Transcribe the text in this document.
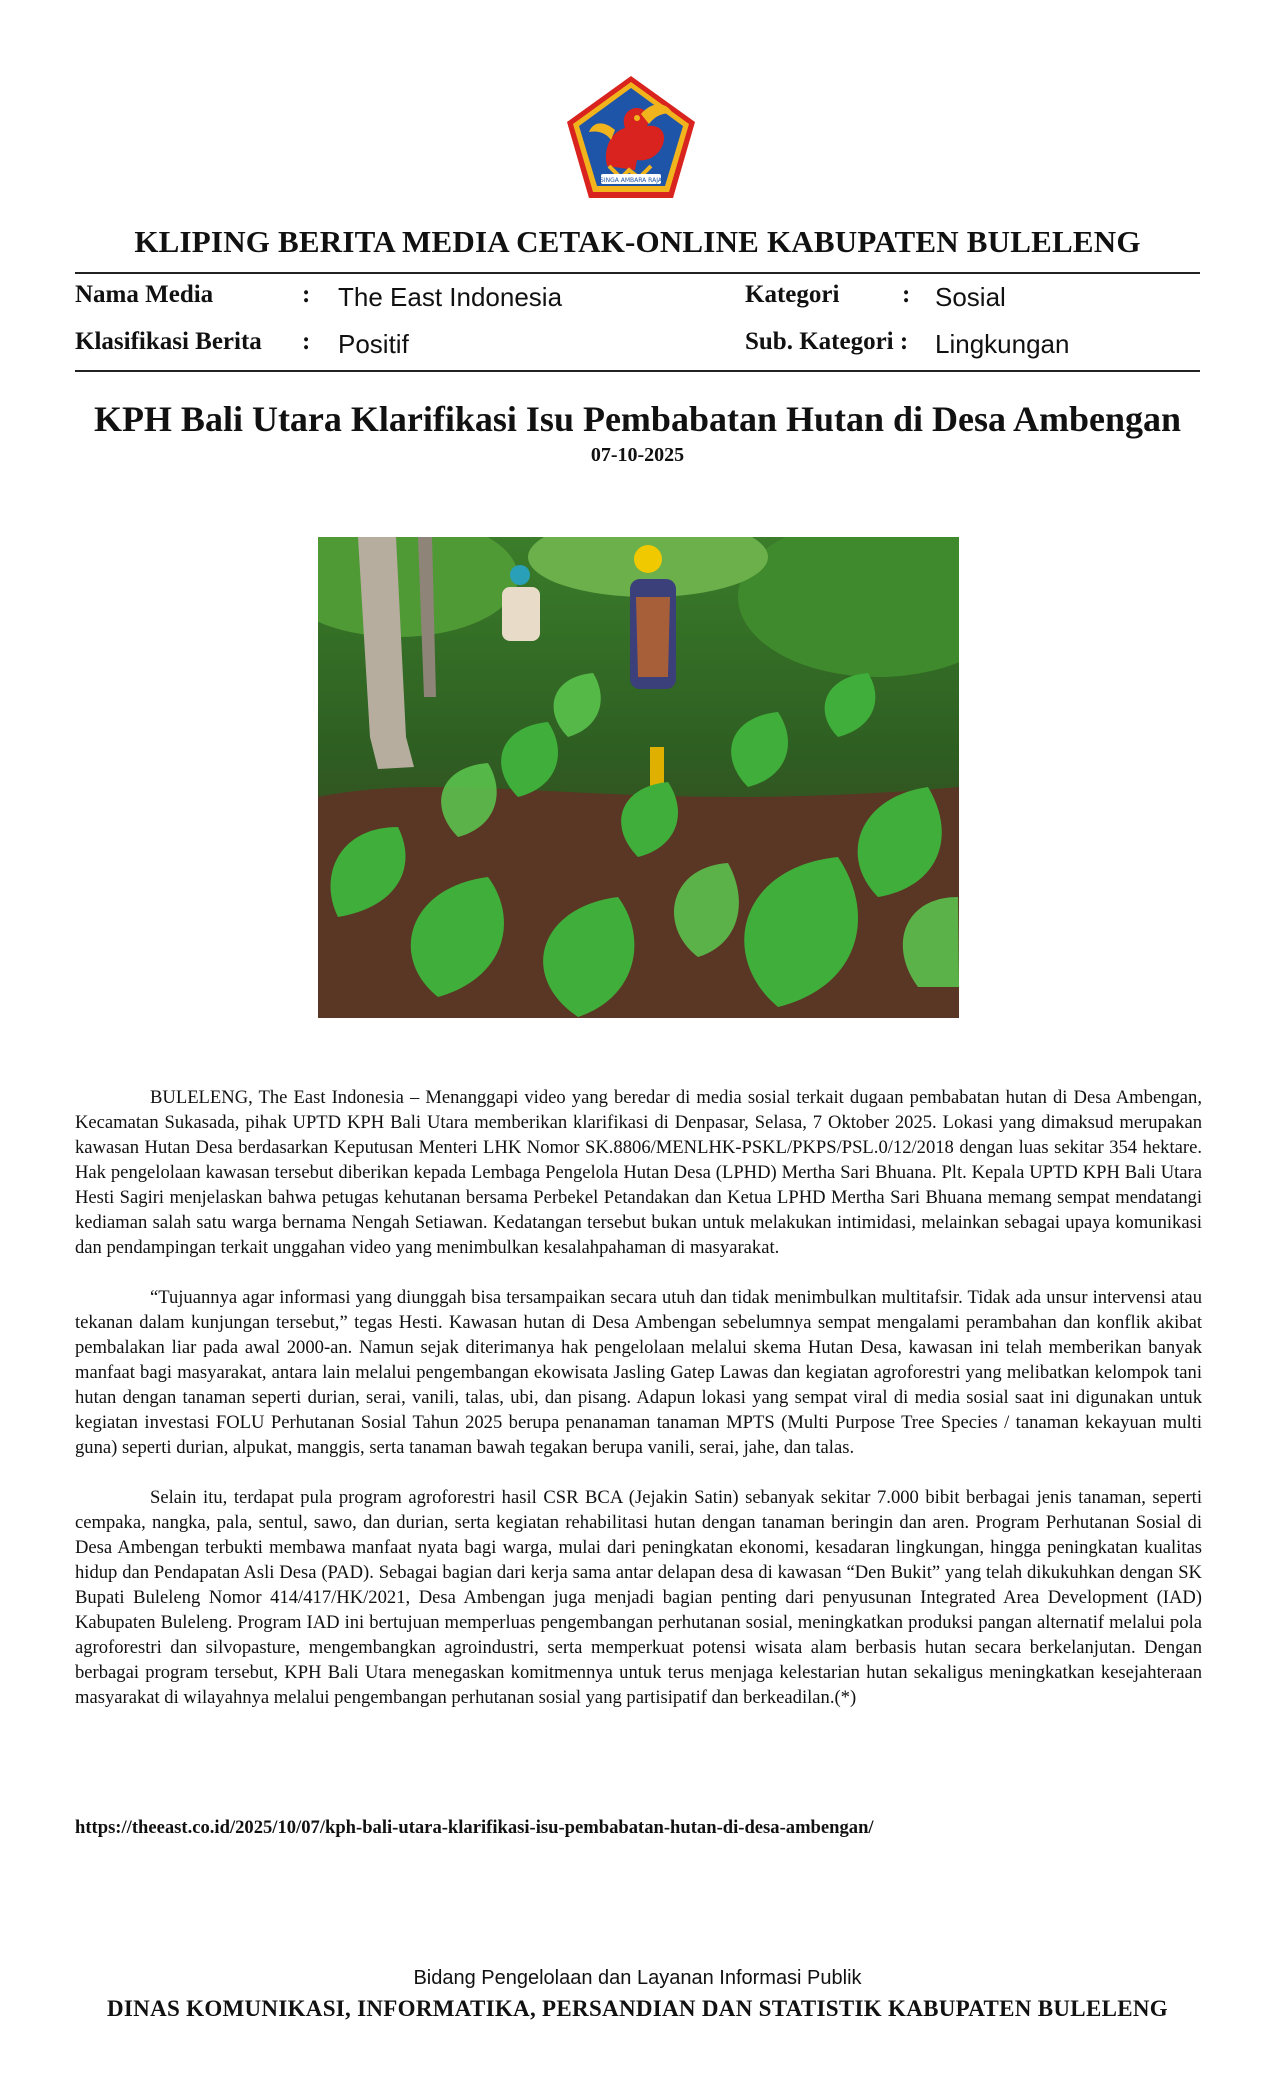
SINGA AMBARA RAJA
KLIPING BERITA MEDIA CETAK-ONLINE KABUPATEN BULELENG
Nama Media	: The East Indonesia	Kategori	: Sosial
Klasifikasi Berita : Positif	Sub. Kategori : Lingkungan
KPH Bali Utara Klarifikasi Isu Pembabatan Hutan di Desa Ambengan
07-10-2025

BULELENG, The East Indonesia – Menanggapi video yang beredar di media sosial terkait dugaan pembabatan hutan di Desa Ambengan, Kecamatan Sukasada, pihak UPTD KPH Bali Utara memberikan klarifikasi di Denpasar, Selasa, 7 Oktober 2025. Lokasi yang dimaksud merupakan kawasan Hutan Desa berdasarkan Keputusan Menteri LHK Nomor SK.8806/MENLHK-PSKL/PKPS/PSL.0/12/2018 dengan luas sekitar 354 hektare. Hak pengelolaan kawasan tersebut diberikan kepada Lembaga Pengelola Hutan Desa (LPHD) Mertha Sari Bhuana. Plt. Kepala UPTD KPH Bali Utara Hesti Sagiri menjelaskan bahwa petugas kehutanan bersama Perbekel Petandakan dan Ketua LPHD Mertha Sari Bhuana memang sempat mendatangi kediaman salah satu warga bernama Nengah Setiawan. Kedatangan tersebut bukan untuk melakukan intimidasi, melainkan sebagai upaya komunikasi dan pendampingan terkait unggahan video yang menimbulkan kesalahpahaman di masyarakat.

“Tujuannya agar informasi yang diunggah bisa tersampaikan secara utuh dan tidak menimbulkan multitafsir. Tidak ada unsur intervensi atau tekanan dalam kunjungan tersebut,” tegas Hesti. Kawasan hutan di Desa Ambengan sebelumnya sempat mengalami perambahan dan konflik akibat pembalakan liar pada awal 2000-an. Namun sejak diterimanya hak pengelolaan melalui skema Hutan Desa, kawasan ini telah memberikan banyak manfaat bagi masyarakat, antara lain melalui pengembangan ekowisata Jasling Gatep Lawas dan kegiatan agroforestri yang melibatkan kelompok tani hutan dengan tanaman seperti durian, serai, vanili, talas, ubi, dan pisang. Adapun lokasi yang sempat viral di media sosial saat ini digunakan untuk kegiatan investasi FOLU Perhutanan Sosial Tahun 2025 berupa penanaman tanaman MPTS (Multi Purpose Tree Species / tanaman kekayuan multi guna) seperti durian, alpukat, manggis, serta tanaman bawah tegakan berupa vanili, serai, jahe, dan talas.

Selain itu, terdapat pula program agroforestri hasil CSR BCA (Jejakin Satin) sebanyak sekitar 7.000 bibit berbagai jenis tanaman, seperti cempaka, nangka, pala, sentul, sawo, dan durian, serta kegiatan rehabilitasi hutan dengan tanaman beringin dan aren. Program Perhutanan Sosial di Desa Ambengan terbukti membawa manfaat nyata bagi warga, mulai dari peningkatan ekonomi, kesadaran lingkungan, hingga peningkatan kualitas hidup dan Pendapatan Asli Desa (PAD). Sebagai bagian dari kerja sama antar delapan desa di kawasan “Den Bukit” yang telah dikukuhkan dengan SK Bupati Buleleng Nomor 414/417/HK/2021, Desa Ambengan juga menjadi bagian penting dari penyusunan Integrated Area Development (IAD) Kabupaten Buleleng. Program IAD ini bertujuan memperluas pengembangan perhutanan sosial, meningkatkan produksi pangan alternatif melalui pola agroforestri dan silvopasture, mengembangkan agroindustri, serta memperkuat potensi wisata alam berbasis hutan secara berkelanjutan. Dengan berbagai program tersebut, KPH Bali Utara menegaskan komitmennya untuk terus menjaga kelestarian hutan sekaligus meningkatkan kesejahteraan masyarakat di wilayahnya melalui pengembangan perhutanan sosial yang partisipatif dan berkeadilan.(*)

https://theeast.co.id/2025/10/07/kph-bali-utara-klarifikasi-isu-pembabatan-hutan-di-desa-ambengan/
Bidang Pengelolaan dan Layanan Informasi Publik
DINAS KOMUNIKASI, INFORMATIKA, PERSANDIAN DAN STATISTIK KABUPATEN BULELENG
